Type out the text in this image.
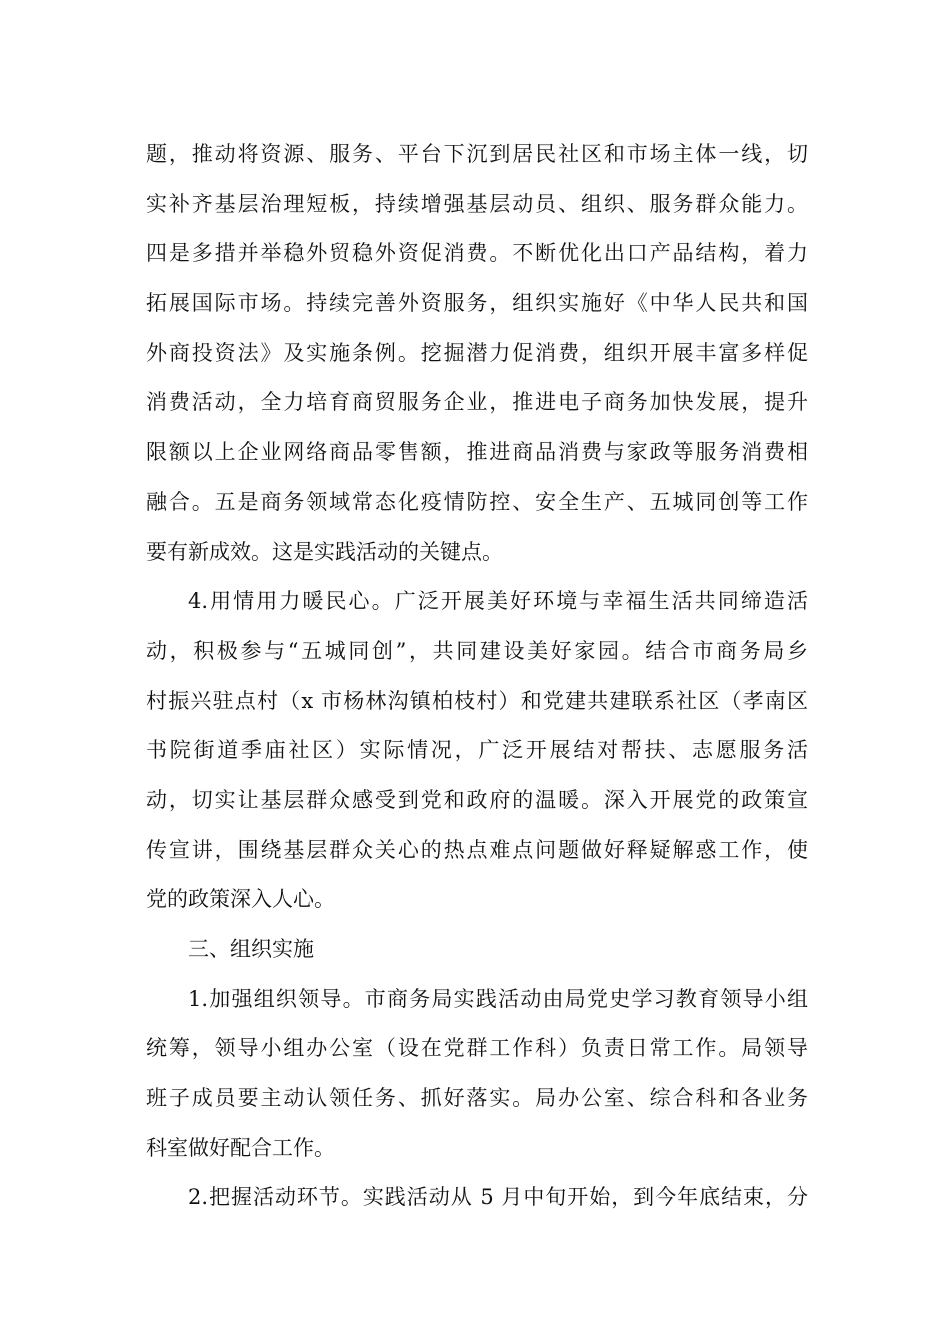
题，推动将资源、服务、平台下沉到居民社区和市场主体一线，切
实补齐基层治理短板，持续增强基层动员、组织、服务群众能力。
四是多措并举稳外贸稳外资促消费。不断优化出口产品结构，着力
拓展国际市场。持续完善外资服务，组织实施好《中华人民共和国
外商投资法》及实施条例。挖掘潜力促消费，组织开展丰富多样促
消费活动，全力培育商贸服务企业，推进电子商务加快发展，提升
限额以上企业网络商品零售额，推进商品消费与家政等服务消费相
融合。五是商务领域常态化疫情防控、安全生产、五城同创等工作
要有新成效。这是实践活动的关键点。
4.用情用力暖民心。广泛开展美好环境与幸福生活共同缔造活
动，积极参与“五城同创”，共同建设美好家园。结合市商务局乡
村振兴驻点村（x 市杨林沟镇柏枝村）和党建共建联系社区（孝南区
书院街道季庙社区）实际情况，广泛开展结对帮扶、志愿服务活
动，切实让基层群众感受到党和政府的温暖。深入开展党的政策宣
传宣讲，围绕基层群众关心的热点难点问题做好释疑解惑工作，使
党的政策深入人心。
三、组织实施
1.加强组织领导。市商务局实践活动由局党史学习教育领导小组
统筹，领导小组办公室（设在党群工作科）负责日常工作。局领导
班子成员要主动认领任务、抓好落实。局办公室、综合科和各业务
科室做好配合工作。
2.把握活动环节。实践活动从 5 月中旬开始，到今年底结束，分
